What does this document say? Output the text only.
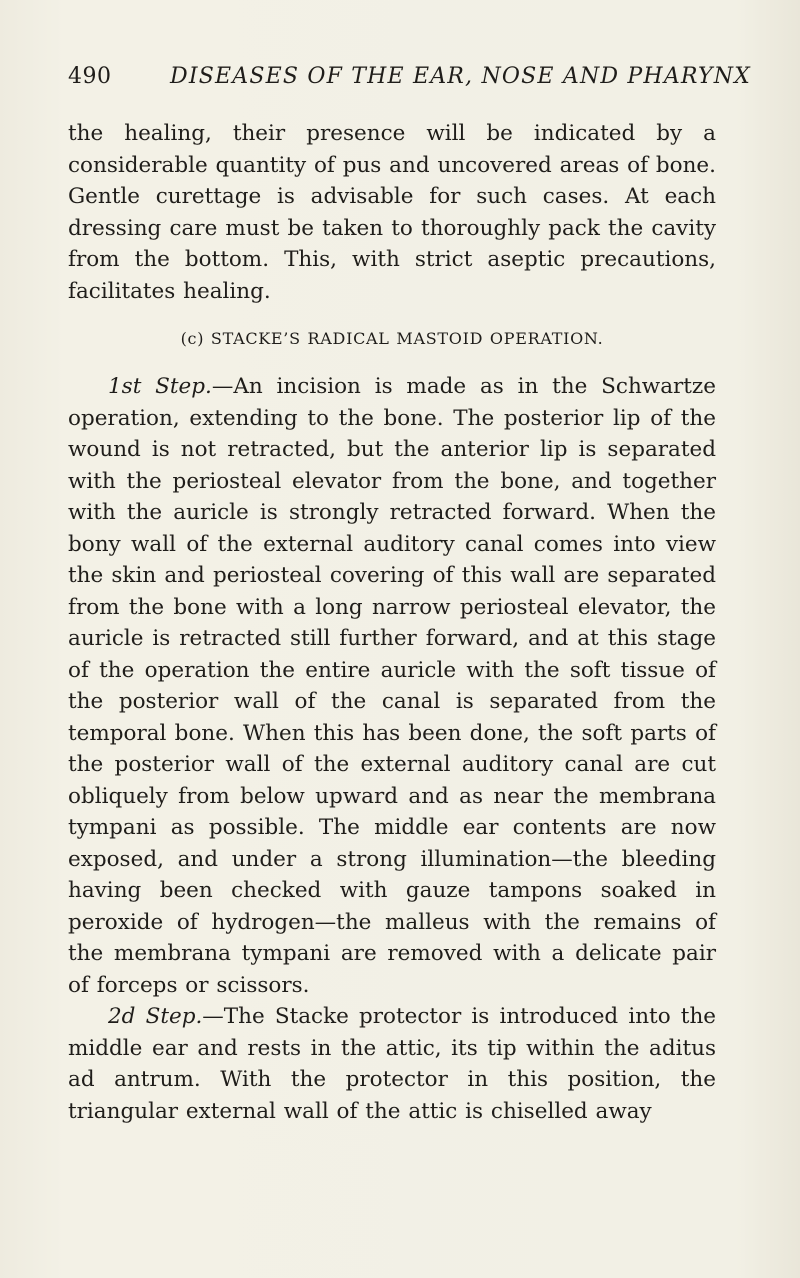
490	DISEASES OF THE EAR, NOSE AND PHARYNX

the healing, their presence will be indicated by a considerable quantity of pus and uncovered areas of bone. Gentle curettage is advisable for such cases. At each dressing care must be taken to thoroughly pack the cavity from the bottom. This, with strict aseptic precautions, facilitates healing.

(c) STACKE’S RADICAL MASTOID OPERATION.

1st Step.—An incision is made as in the Schwartze operation, extending to the bone. The posterior lip of the wound is not retracted, but the anterior lip is separated with the periosteal elevator from the bone, and together with the auricle is strongly retracted forward. When the bony wall of the external auditory canal comes into view the skin and periosteal covering of this wall are separated from the bone with a long narrow periosteal elevator, the auricle is retracted still further forward, and at this stage of the operation the entire auricle with the soft tissue of the posterior wall of the canal is separated from the temporal bone. When this has been done, the soft parts of the posterior wall of the external auditory canal are cut obliquely from below upward and as near the membrana tympani as possible. The middle ear contents are now exposed, and under a strong illumination—the bleeding having been checked with gauze tampons soaked in peroxide of hydrogen—the malleus with the remains of the membrana tympani are removed with a delicate pair of forceps or scissors.

2d Step.—The Stacke protector is introduced into the middle ear and rests in the attic, its tip within the aditus ad antrum. With the protector in this position, the triangular external wall of the attic is chiselled away
